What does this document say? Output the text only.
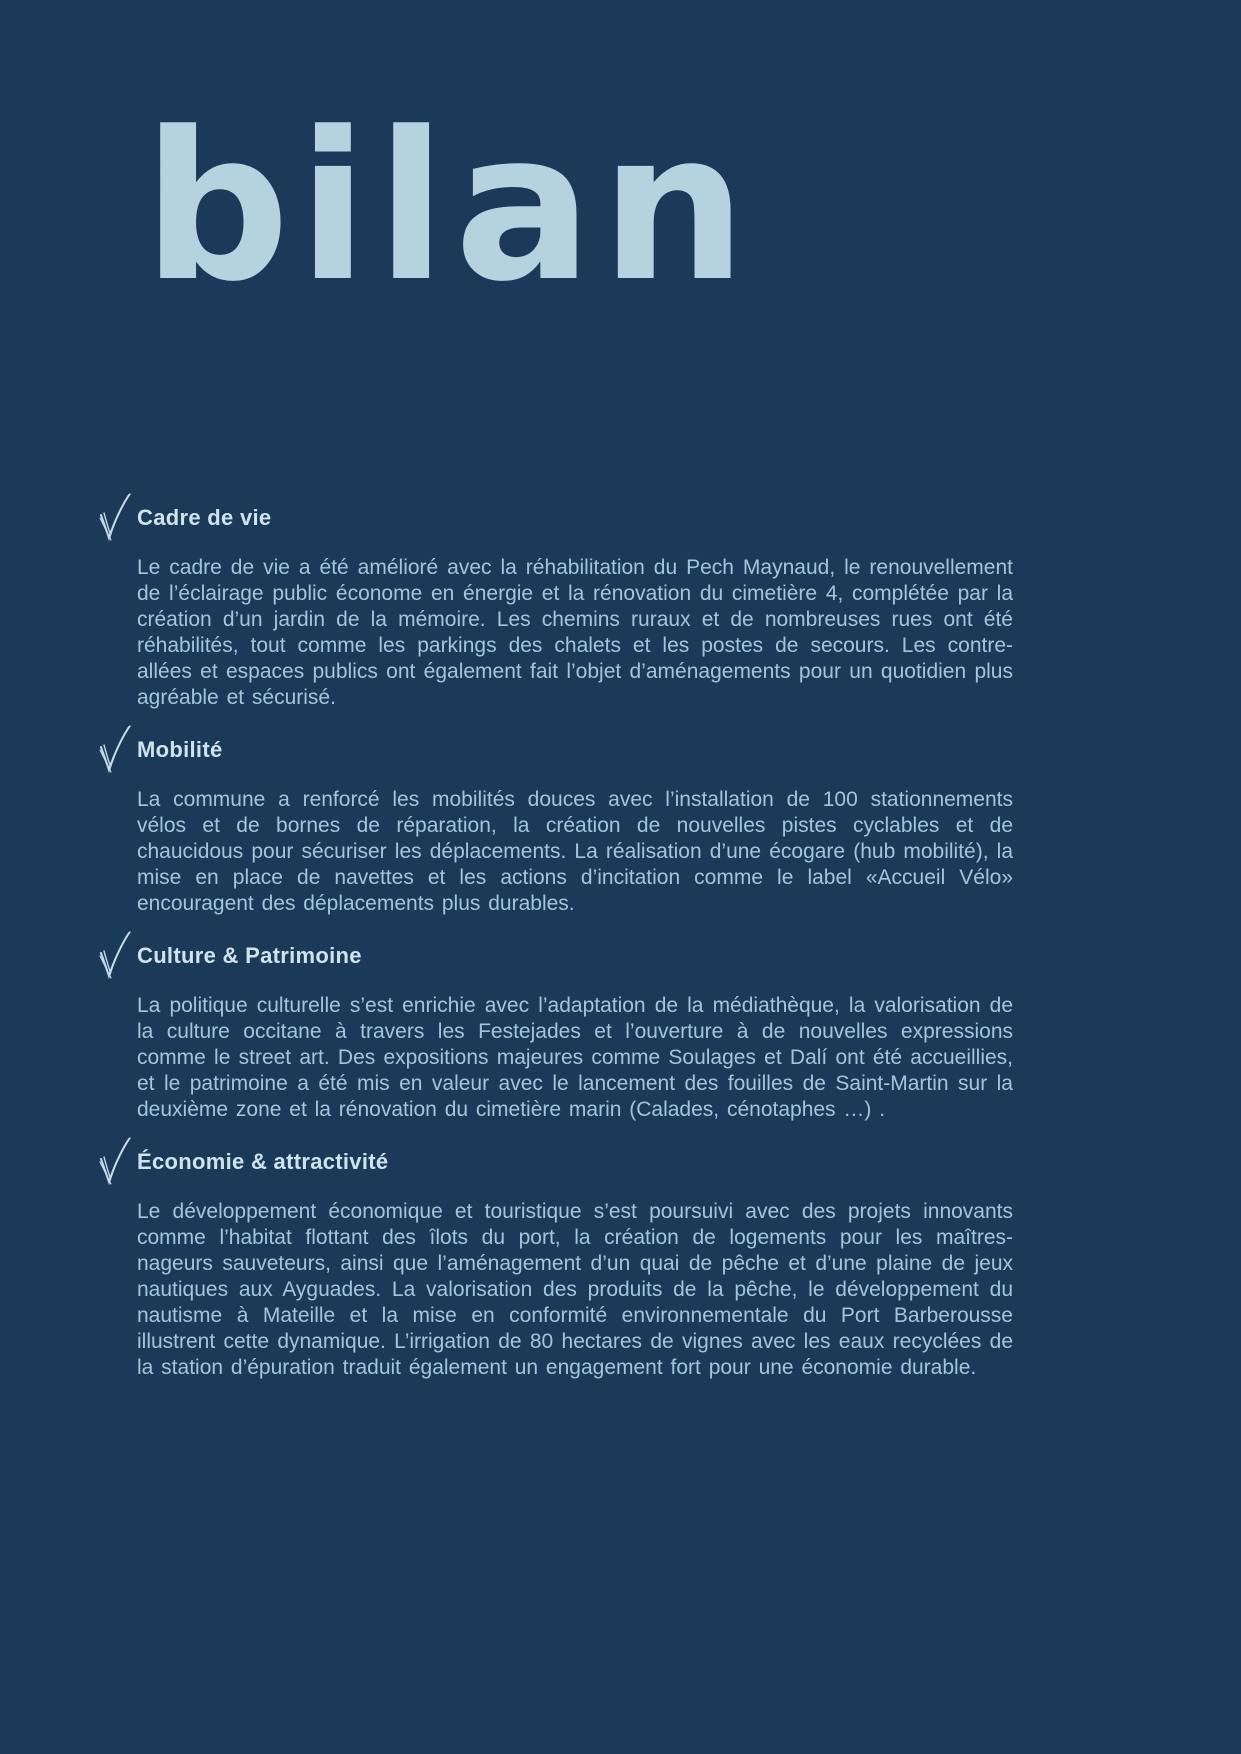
bilan
Cadre de vie

Le cadre de vie a été amélioré avec la réhabilitation du Pech Maynaud, le renouvellement de l’éclairage public économe en énergie et la rénovation du cimetière 4, complétée par la création d’un jardin de la mémoire. Les chemins ruraux et de nombreuses rues ont été réhabilités, tout comme les parkings des chalets et les postes de secours. Les contre-allées et espaces publics ont également fait l’objet d’aménagements pour un quotidien plus agréable et sécurisé.

Mobilité

La commune a renforcé les mobilités douces avec l’installation de 100 stationnements vélos et de bornes de réparation, la création de nouvelles pistes cyclables et de chaucidous pour sécuriser les déplacements. La réalisation d’une écogare (hub mobilité), la mise en place de navettes et les actions d’incitation comme le label «Accueil Vélo» encouragent des déplacements plus durables.

Culture & Patrimoine

La politique culturelle s’est enrichie avec l’adaptation de la médiathèque, la valorisation de la culture occitane à travers les Festejades et l’ouverture à de nouvelles expressions comme le street art. Des expositions majeures comme Soulages et Dalí ont été accueillies, et le patrimoine a été mis en valeur avec le lancement des fouilles de Saint-Martin sur la deuxième zone et la rénovation du cimetière marin (Calades, cénotaphes …) .

Économie & attractivité

Le développement économique et touristique s’est poursuivi avec des projets innovants comme l’habitat flottant des îlots du port, la création de logements pour les maîtres-nageurs sauveteurs, ainsi que l’aménagement d’un quai de pêche et d’une plaine de jeux nautiques aux Ayguades. La valorisation des produits de la pêche, le développement du nautisme à Mateille et la mise en conformité environnementale du Port Barberousse illustrent cette dynamique. L’irrigation de 80 hectares de vignes avec les eaux recyclées de la station d’épuration traduit également un engagement fort pour une économie durable.
